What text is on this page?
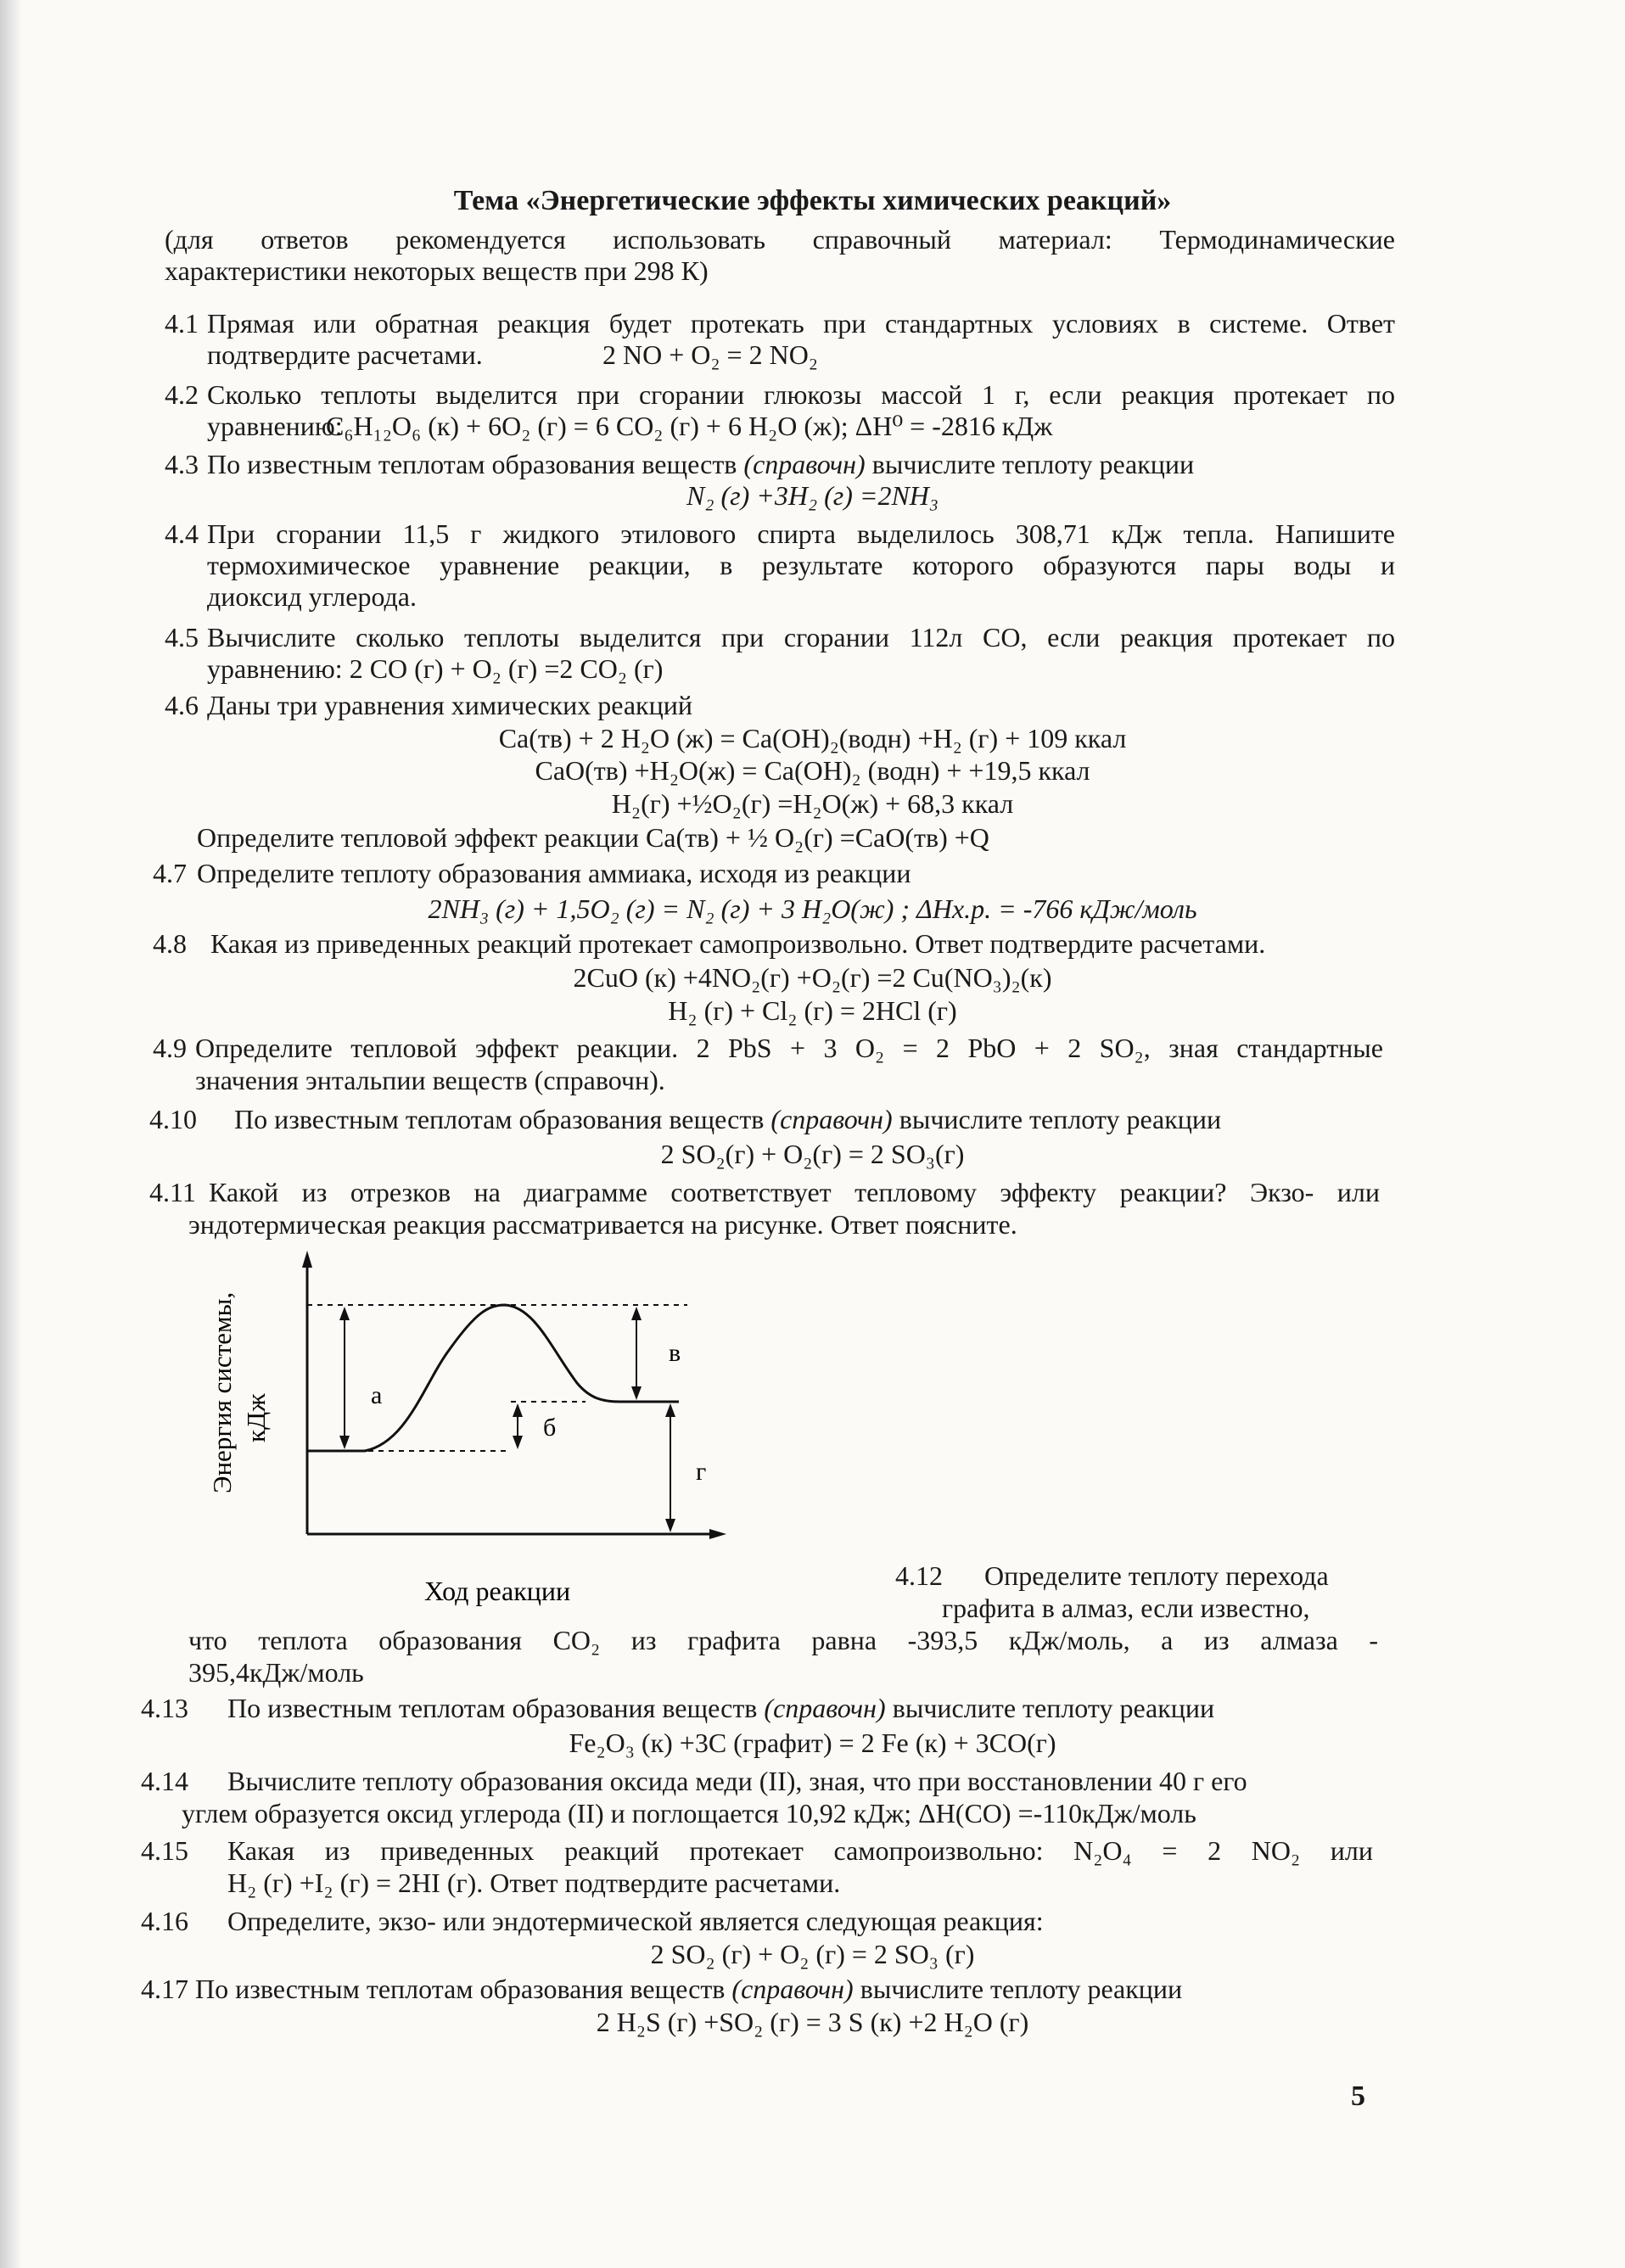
Тема «Энергетические эффекты химических реакций»
(для ответов рекомендуется использовать справочный материал: Термодинамические
характеристики некоторых веществ при 298 К)
4.1 Прямая или обратная реакция будет протекать при стандартных условиях в системе. Ответ
подтвердите расчетами.	2 NO + O₂ = 2 NO₂
4.2 Сколько теплоты выделится при сгорании глюкозы массой 1 г, если реакция протекает по
уравнению:
C₆H₁₂O₆ (к) + 6O₂ (г) = 6 CO₂ (г) + 6 H₂O (ж); ΔH⁰ = -2816 кДж
4.3 По известным теплотам образования веществ (справочн) вычислите теплоту реакции
N₂ (г) +3H₂ (г) =2NH₃
4.4 При сгорании 11,5 г жидкого этилового спирта выделилось 308,71 кДж тепла. Напишите
термохимическое уравнение реакции, в результате которого образуются пары воды и
диоксид углерода.
4.5 Вычислите сколько теплоты выделится при сгорании 112л CO, если реакция протекает по
уравнению: 2 CO (г) + O₂ (г) =2 CO₂ (г)
4.6 Даны три уравнения химических реакций
Ca(тв) + 2 H₂O (ж) = Ca(OH)₂(водн) +H₂ (г) + 109 ккал
CaO(тв) +H₂O(ж) = Ca(OH)₂ (водн) + +19,5 ккал
H₂(г) +½O₂(г) =H₂O(ж) + 68,3 ккал
Определите тепловой эффект реакции Ca(тв) + ½ O₂(г) =CaO(тв) +Q
4.7 Определите теплоту образования аммиака, исходя из реакции
2NH₃ (г) + 1,5O₂ (г) = N₂ (г) + 3 H₂O(ж) ; ΔHх.р. = -766 кДж/моль
4.8 Какая из приведенных реакций протекает самопроизвольно. Ответ подтвердите расчетами.
2CuO (к) +4NO₂(г) +O₂(г) =2 Cu(NO₃)₂(к)
H₂ (г) + Cl₂ (г) = 2HCl (г)
4.9 Определите тепловой эффект реакции. 2 PbS + 3 O₂ = 2 PbO + 2 SO₂, зная стандартные
значения энтальпии веществ (справочн).
4.10 По известным теплотам образования веществ (справочн) вычислите теплоту реакции
2 SO₂(г) + O₂(г) = 2 SO₃(г)
4.11 Какой из отрезков на диаграмме соответствует тепловому эффекту реакции? Экзо- или
эндотермическая реакция рассматривается на рисунке. Ответ поясните.
а
б
в
г
Энергия системы, кДж
Ход реакции	4.12 Определите теплоту перехода
графита в алмаз, если известно,
что теплота образования CO₂ из графита равна -393,5 кДж/моль, а из алмаза -
395,4кДж/моль
4.13 По известным теплотам образования веществ (справочн) вычислите теплоту реакции
Fe₂O₃ (к) +3C (графит) = 2 Fe (к) + 3CO(г)
4.14 Вычислите теплоту образования оксида меди (II), зная, что при восстановлении 40 г его
углем образуется оксид углерода (II) и поглощается 10,92 кДж; ΔH(CO) =-110кДж/моль
4.15 Какая из приведенных реакций протекает самопроизвольно: N₂O₄ = 2 NO₂ или
H₂ (г) +I₂ (г) = 2HI (г). Ответ подтвердите расчетами.
4.16 Определите, экзо- или эндотермической является следующая реакция:
2 SO₂ (г) + O₂ (г) = 2 SO₃ (г)
4.17 По известным теплотам образования веществ (справочн) вычислите теплоту реакции
2 H₂S (г) +SO₂ (г) = 3 S (к) +2 H₂O (г)
5
